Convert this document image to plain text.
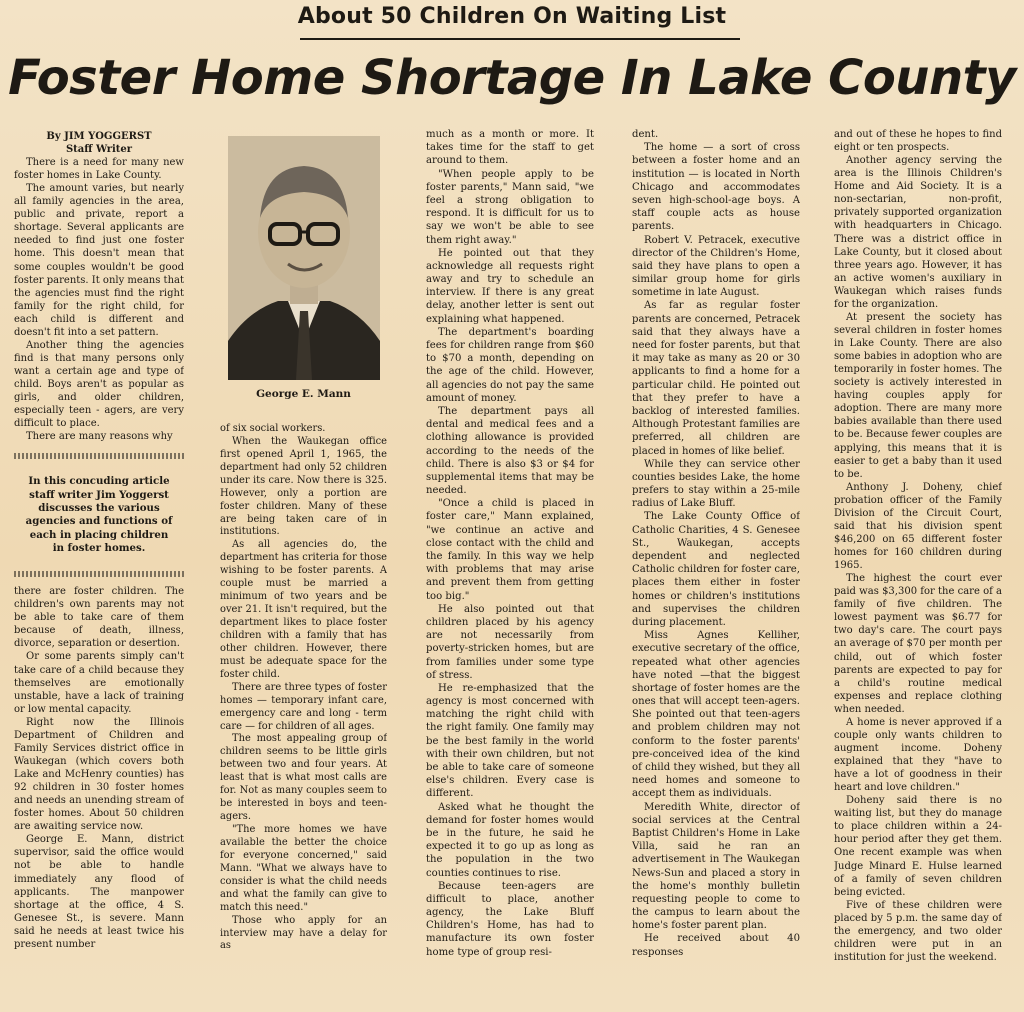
About 50 Children On Waiting List
Foster Home Shortage In Lake County
By JIM YOGGERST
Staff Writer

There is a need for many new foster homes in Lake County.

The amount varies, but nearly all family agencies in the area, public and private, report a shortage. Several applicants are needed to find just one foster home. This doesn't mean that some couples wouldn't be good foster parents. It only means that the agencies must find the right family for the right child, for each child is different and doesn't fit into a set pattern.

Another thing the agencies find is that many persons only want a certain age and type of child. Boys aren't as popular as girls, and older children, especially teen - agers, are very difficult to place.

There are many reasons why

In this concuding article staff writer Jim Yoggerst discusses the various agencies and functions of each in placing children in foster homes.

there are foster children. The children's own parents may not be able to take care of them because of death, illness, divorce, separation or desertion.

Or some parents simply can't take care of a child because they themselves are emotionally unstable, have a lack of training or low mental capacity.

Right now the Illinois Department of Children and Family Services district office in Waukegan (which covers both Lake and McHenry counties) has 92 children in 30 foster homes and needs an unending stream of foster homes. About 50 children are awaiting service now.

George E. Mann, district supervisor, said the office would not be able to handle immediately any flood of applicants. The manpower shortage at the office, 4 S. Genesee St., is severe. Mann said he needs at least twice his present number

George E. Mann

of six social workers.

When the Waukegan office first opened April 1, 1965, the department had only 52 children under its care. Now there is 325. However, only a portion are foster children. Many of these are being taken care of in institutions.

As all agencies do, the department has criteria for those wishing to be foster parents. A couple must be married a minimum of two years and be over 21. It isn't required, but the department likes to place foster children with a family that has other children. However, there must be adequate space for the foster child.

There are three types of foster homes — temporary infant care, emergency care and long - term care — for children of all ages.

The most appealing group of children seems to be little girls between two and four years. At least that is what most calls are for. Not as many couples seem to be interested in boys and teen-agers.

"The more homes we have available the better the choice for everyone concerned," said Mann. "What we always have to consider is what the child needs and what the family can give to match this need."

Those who apply for an interview may have a delay for as

much as a month or more. It takes time for the staff to get around to them.

"When people apply to be foster parents," Mann said, "we feel a strong obligation to respond. It is difficult for us to say we won't be able to see them right away."

He pointed out that they acknowledge all requests right away and try to schedule an interview. If there is any great delay, another letter is sent out explaining what happened.

The department's boarding fees for children range from $60 to $70 a month, depending on the age of the child. However, all agencies do not pay the same amount of money.

The department pays all dental and medical fees and a clothing allowance is provided according to the needs of the child. There is also $3 or $4 for supplemental items that may be needed.

"Once a child is placed in foster care," Mann explained, "we continue an active and close contact with the child and the family. In this way we help with problems that may arise and prevent them from getting too big."

He also pointed out that children placed by his agency are not necessarily from poverty-stricken homes, but are from families under some type of stress.

He re-emphasized that the agency is most concerned with matching the right child with the right family. One family may be the best family in the world with their own children, but not be able to take care of someone else's children. Every case is different.

Asked what he thought the demand for foster homes would be in the future, he said he expected it to go up as long as the population in the two counties continues to rise.

Because teen-agers are difficult to place, another agency, the Lake Bluff Children's Home, has had to manufacture its own foster home type of group resi-

dent.

The home — a sort of cross between a foster home and an institution — is located in North Chicago and accommodates seven high-school-age boys. A staff couple acts as house parents.

Robert V. Petracek, executive director of the Children's Home, said they have plans to open a similar group home for girls sometime in late August.

As far as regular foster parents are concerned, Petracek said that they always have a need for foster parents, but that it may take as many as 20 or 30 applicants to find a home for a particular child. He pointed out that they prefer to have a backlog of interested families. Although Protestant families are preferred, all children are placed in homes of like belief.

While they can service other counties besides Lake, the home prefers to stay within a 25-mile radius of Lake Bluff.

The Lake County Office of Catholic Charities, 4 S. Genesee St., Waukegan, accepts dependent and neglected Catholic children for foster care, places them either in foster homes or children's institutions and supervises the children during placement.

Miss Agnes Kelliher, executive secretary of the office, repeated what other agencies have noted —that the biggest shortage of foster homes are the ones that will accept teen-agers. She pointed out that teen-agers and problem children may not conform to the foster parents' pre-conceived idea of the kind of child they wished, but they all need homes and someone to accept them as individuals.

Meredith White, director of social services at the Central Baptist Children's Home in Lake Villa, said he ran an advertisement in The Waukegan News-Sun and placed a story in the home's monthly bulletin requesting people to come to the campus to learn about the home's foster parent plan.

He received about 40 responses

and out of these he hopes to find eight or ten prospects.

Another agency serving the area is the Illinois Children's Home and Aid Society. It is a non-sectarian, non-profit, privately supported organization with headquarters in Chicago. There was a district office in Lake County, but it closed about three years ago. However, it has an active women's auxiliary in Waukegan which raises funds for the organization.

At present the society has several children in foster homes in Lake County. There are also some babies in adoption who are temporarily in foster homes. The society is actively interested in having couples apply for adoption. There are many more babies available than there used to be. Because fewer couples are applying, this means that it is easier to get a baby than it used to be.

Anthony J. Doheny, chief probation officer of the Family Division of the Circuit Court, said that his division spent $46,200 on 65 different foster homes for 160 children during 1965.

The highest the court ever paid was $3,300 for the care of a family of five children. The lowest payment was $6.77 for two day's care. The court pays an average of $70 per month per child, out of which foster parents are expected to pay for a child's routine medical expenses and replace clothing when needed.

A home is never approved if a couple only wants children to augment income. Doheny explained that they "have to have a lot of goodness in their heart and love children."

Doheny said there is no waiting list, but they do manage to place children within a 24-hour period after they get them. One recent example was when Judge Minard E. Hulse learned of a family of seven children being evicted.

Five of these children were placed by 5 p.m. the same day of the emergency, and two older children were put in an institution for just the weekend.
